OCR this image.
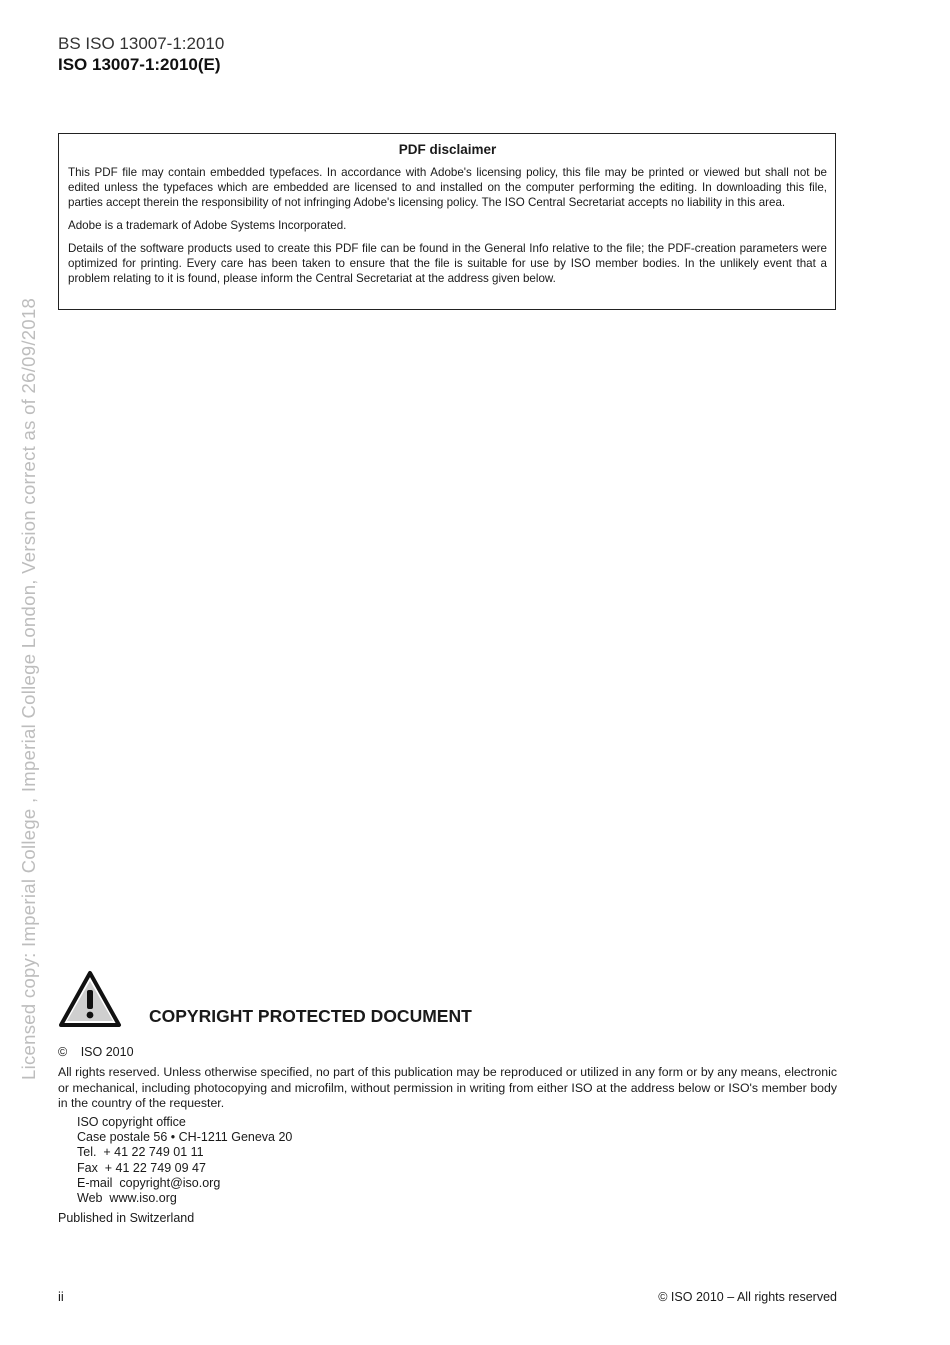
BS ISO 13007-1:2010
ISO 13007-1:2010(E)
PDF disclaimer

This PDF file may contain embedded typefaces. In accordance with Adobe's licensing policy, this file may be printed or viewed but shall not be edited unless the typefaces which are embedded are licensed to and installed on the computer performing the editing. In downloading this file, parties accept therein the responsibility of not infringing Adobe's licensing policy. The ISO Central Secretariat accepts no liability in this area.

Adobe is a trademark of Adobe Systems Incorporated.

Details of the software products used to create this PDF file can be found in the General Info relative to the file; the PDF-creation parameters were optimized for printing. Every care has been taken to ensure that the file is suitable for use by ISO member bodies. In the unlikely event that a problem relating to it is found, please inform the Central Secretariat at the address given below.

Licensed copy: Imperial College , Imperial College London, Version correct as of 26/09/2018	COPYRIGHT PROTECTED DOCUMENT
© ISO 2010
All rights reserved. Unless otherwise specified, no part of this publication may be reproduced or utilized in any form or by any means, electronic or mechanical, including photocopying and microfilm, without permission in writing from either ISO at the address below or ISO's member body in the country of the requester.
ISO copyright office
Case postale 56 • CH-1211 Geneva 20
Tel.  + 41 22 749 01 11
Fax  + 41 22 749 09 47
E-mail  copyright@iso.org
Web  www.iso.org
Published in Switzerland
ii	© ISO 2010 – All rights reserved
